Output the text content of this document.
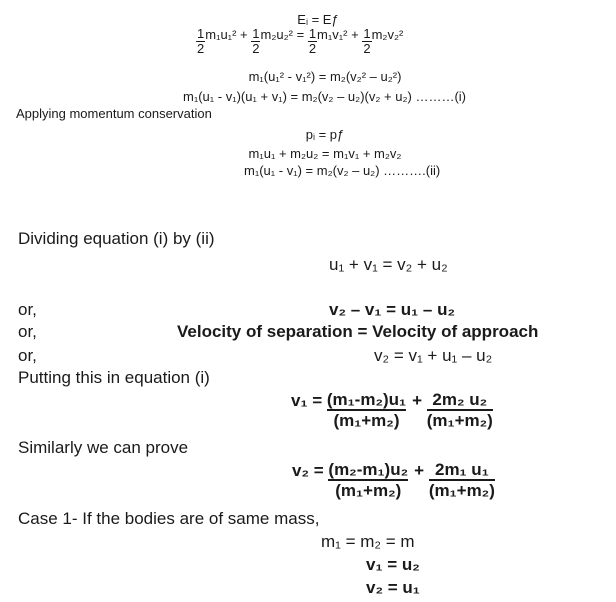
Eᵢ = Eƒ
$\frac{1}{2} m_1u_1^2 + \frac{1}{2} m_2u_2^2 = \frac{1}{2} m_1v_1^2 + \frac{1}{2} m_2v_2^2$
m₁(u₁² - v₁²) = m₂(v₂² – u₂²)
m₁(u₁ - v₁)(u₁ + v₁) = m₂(v₂ – u₂)(v₂ + u₂) ………(i)
Applying momentum conservation
pᵢ = pƒ
m₁u₁ + m₂u₂ = m₁v₁ + m₂v₂
m₁(u₁ - v₁) = m₂(v₂ – u₂) ……….(ii)
Dividing equation (i) by (ii)
u₁ + v₁ = v₂ + u₂
or,	v₂ – v₁ = u₁ – u₂
or,	Velocity of separation = Velocity of approach
or,	v₂ = v₁ + u₁ – u₂
Putting this in equation (i)
$v_1 = \frac{\text{(m₁-m₂)u₁}}{\text{(m₁+m₂)}} + \frac{\text{2m₂ u₂}}{\text{(m₁+m₂)}}$
Similarly we can prove
$v_2 = \frac{\text{(m₂-m₁)u₂}}{\text{(m₁+m₂)}} + \frac{\text{2m₁ u₁}}{\text{(m₁+m₂)}}$
Case 1- If the bodies are of same mass,
m₁ = m₂ = m
v₁ = u₂
v₂ = u₁
